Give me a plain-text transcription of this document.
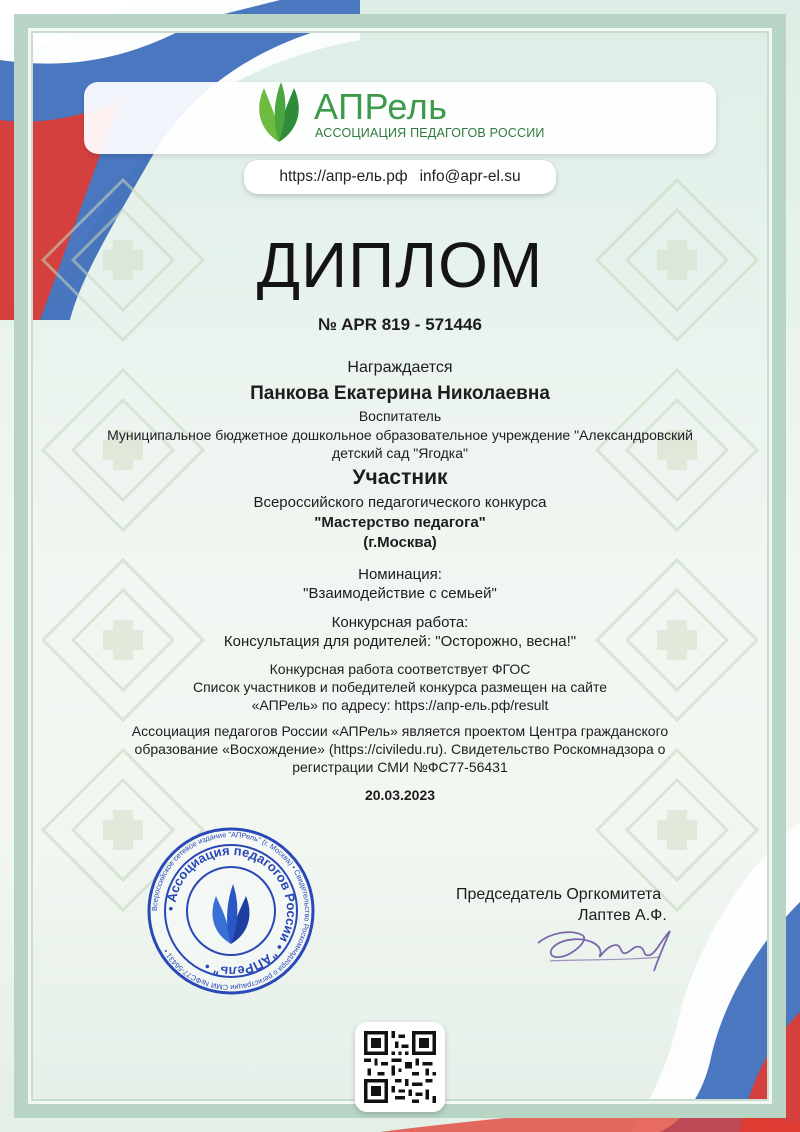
АПРель
АССОЦИАЦИЯ ПЕДАГОГОВ РОССИИ
https://апр-ель.рф info@apr-el.su
ДИПЛОМ
№ APR 819 - 571446
Награждается
Панкова Екатерина Николаевна
Воспитатель
Муниципальное бюджетное дошкольное образовательное учреждение "Александровский
детский сад "Ягодка"
Участник
Всероссийского педагогического конкурса
"Мастерство педагога"
(г.Москва)
Номинация:
"Взаимодействие с семьей"
Конкурсная работа:
Консультация для родителей: "Осторожно, весна!"
Конкурсная работа соответствует ФГОС
Список участников и победителей конкурса размещен на сайте
«АПРель» по адресу: https://апр-ель.рф/result
Ассоциация педагогов России «АПРель» является проектом Центра гражданского
образование «Восхождение» (https://civiledu.ru). Свидетельство Роскомнадзора о
регистрации СМИ №ФС77-56431
20.03.2023
Всероссийское сетевое издание "АПРель" (г. Москва) • Свидетельство Роскомнадзора о регистрации СМИ №ФС77-56431 •
• Ассоциация педагогов России • "АПРель" •
Председатель Оргкомитета
Лаптев А.Ф.
